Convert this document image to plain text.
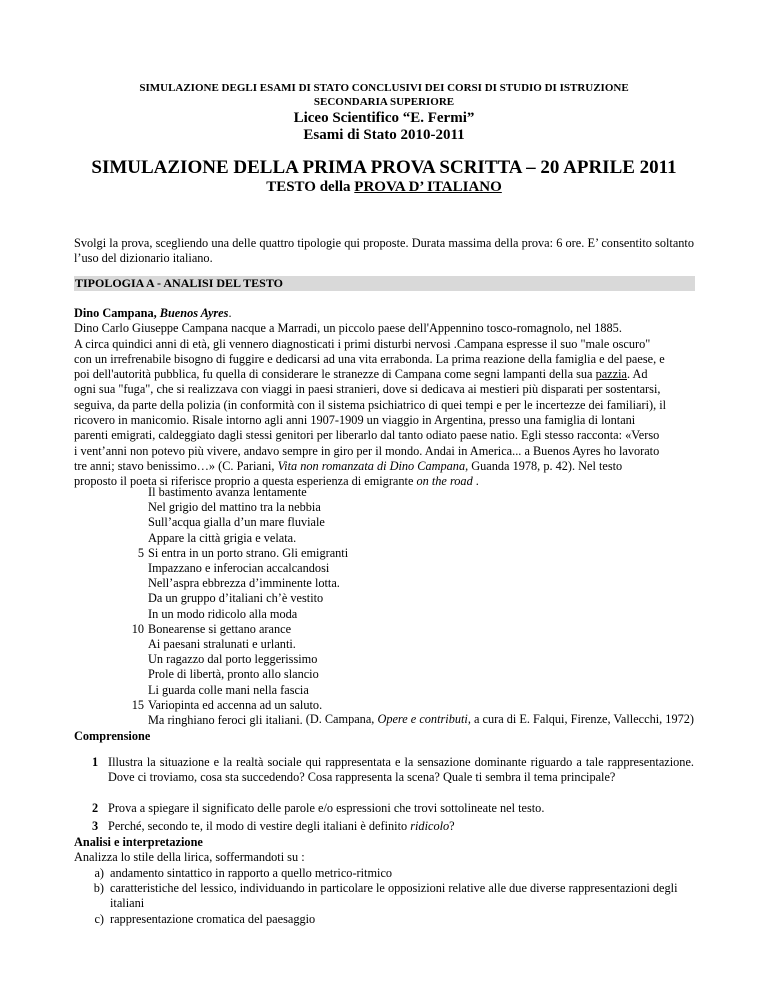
SIMULAZIONE DEGLI ESAMI DI STATO CONCLUSIVI DEI CORSI DI STUDIO DI ISTRUZIONE
SECONDARIA SUPERIORE
Liceo Scientifico “E. Fermi”
Esami di Stato 2010-2011
SIMULAZIONE DELLA PRIMA PROVA SCRITTA – 20 APRILE 2011
TESTO della PROVA D’ ITALIANO
Svolgi la prova, scegliendo una delle quattro tipologie qui proposte. Durata massima della prova: 6 ore. E’ consentito soltanto l’uso del dizionario italiano.
TIPOLOGIA A - ANALISI DEL TESTO
Dino Campana, Buenos Ayres.
Dino Carlo Giuseppe Campana nacque a Marradi, un piccolo paese dell'Appennino tosco-romagnolo, nel 1885.
A circa quindici anni di età, gli vennero diagnosticati i primi disturbi nervosi .Campana espresse il suo "male oscuro"
con un irrefrenabile bisogno di fuggire e dedicarsi ad una vita errabonda. La prima reazione della famiglia e del paese, e
poi dell'autorità pubblica, fu quella di considerare le stranezze di Campana come segni lampanti della sua pazzia. Ad
ogni sua "fuga", che si realizzava con viaggi in paesi stranieri, dove si dedicava ai mestieri più disparati per sostentarsi,
seguiva, da parte della polizia (in conformità con il sistema psichiatrico di quei tempi e per le incertezze dei familiari), il
ricovero in manicomio. Risale intorno agli anni 1907-1909 un viaggio in Argentina, presso una famiglia di lontani
parenti emigrati, caldeggiato dagli stessi genitori per liberarlo dal tanto odiato paese natio. Egli stesso racconta: «Verso
i vent’anni non potevo più vivere, andavo sempre in giro per il mondo. Andai in America... a Buenos Ayres ho lavorato
tre anni; stavo benissimo…» (C. Pariani, Vita non romanzata di Dino Campana, Guanda 1978, p. 42). Nel testo
proposto il poeta si riferisce proprio a questa esperienza di emigrante on the road .
Il bastimento avanza lentamente
Nel grigio del mattino tra la nebbia
Sull’acqua gialla d’un mare fluviale
Appare la città grigia e velata.
Si entra in un porto strano. Gli emigranti
Impazzano e inferocian accalcandosi
Nell’aspra ebbrezza d’imminente lotta.
Da un gruppo d’italiani ch’è vestito
In un modo ridicolo alla moda
Bonearense si gettano arance
Ai paesani stralunati e urlanti.
Un ragazzo dal porto leggerissimo
Prole di libertà, pronto allo slancio
Li guarda colle mani nella fascia
Variopinta ed accenna ad un saluto.
Ma ringhiano feroci gli italiani.
5
10
15
(D. Campana, Opere e contributi, a cura di E. Falqui, Firenze, Vallecchi, 1972)
Comprensione
1 Illustra la situazione e la realtà sociale qui rappresentata e la sensazione dominante riguardo a tale rappresentazione. Dove ci troviamo, cosa sta succedendo? Cosa rappresenta la scena? Quale ti sembra il tema principale?
2 Prova a spiegare il significato delle parole e/o espressioni che trovi sottolineate nel testo.
3 Perché, secondo te, il modo di vestire degli italiani è definito ridicolo?
Analisi e interpretazione
Analizza lo stile della lirica, soffermandoti su :
a) andamento sintattico in rapporto a quello metrico-ritmico
b) caratteristiche del lessico, individuando in particolare le opposizioni relative alle due diverse rappresentazioni degli italiani
c) rappresentazione cromatica del paesaggio
